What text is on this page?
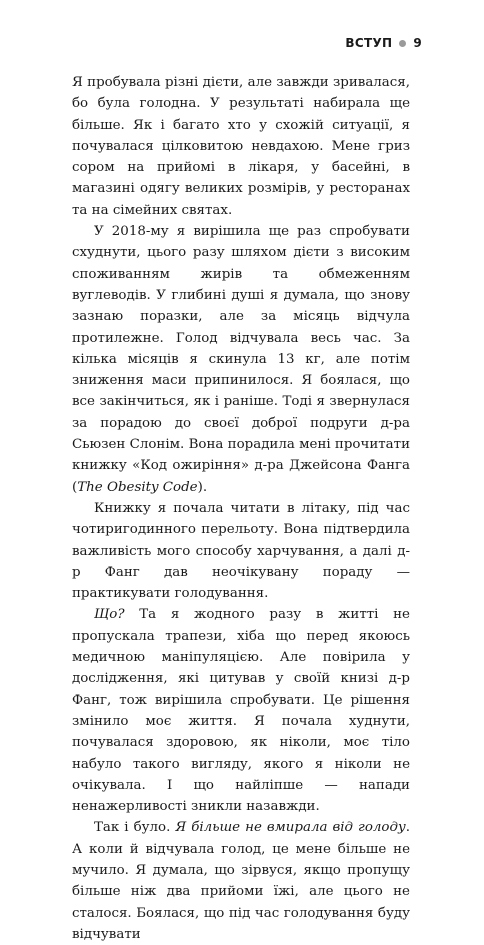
ВСТУП 9

Я пробувала різні дієти, але завжди зривалася, бо була голодна. У результаті набирала ще більше. Як і багато хто у схожій ситуації, я почувалася цілковитою невдахою. Мене гриз сором на прийомі в лікаря, у басейні, в магазині одягу великих розмірів, у ресторанах та на сімейних святах.

У 2018-му я вирішила ще раз спробувати схуднути, цього разу шляхом дієти з високим споживанням жирів та обмеженням вуглеводів. У глибині душі я думала, що знову зазнаю поразки, але за місяць відчула протилежне. Голод відчувала весь час. За кілька місяців я скинула 13 кг, але потім зниження маси припинилося. Я боялася, що все закінчиться, як і раніше. Тоді я звернулася за порадою до своєї доброї подруги д-ра Сьюзен Слонім. Вона порадила мені прочитати книжку «Код ожиріння» д-ра Джейсона Фанга (The Obesity Code).

Книжку я почала читати в літаку, під час чотиригодинного перельоту. Вона підтвердила важливість мого способу харчування, а далі д-р Фанг дав неочікувану пораду — практикувати голодування.

Що? Та я жодного разу в житті не пропускала трапези, хіба що перед якоюсь медичною маніпуляцією. Але повірила у дослідження, які цитував у своїй книзі д-р Фанг, тож вирішила спробувати. Це рішення змінило моє життя. Я почала худнути, почувалася здоровою, як ніколи, моє тіло набуло такого вигляду, якого я ніколи не очікувала. І що найліпше — напади ненажерливості зникли назавжди.

Так і було. Я більше не вмирала від голоду. А коли й відчувала голод, це мене більше не мучило. Я думала, що зірвуся, якщо пропущу більше ніж два прийоми їжі, але цього не сталося. Боялася, що під час голодування буду відчувати
